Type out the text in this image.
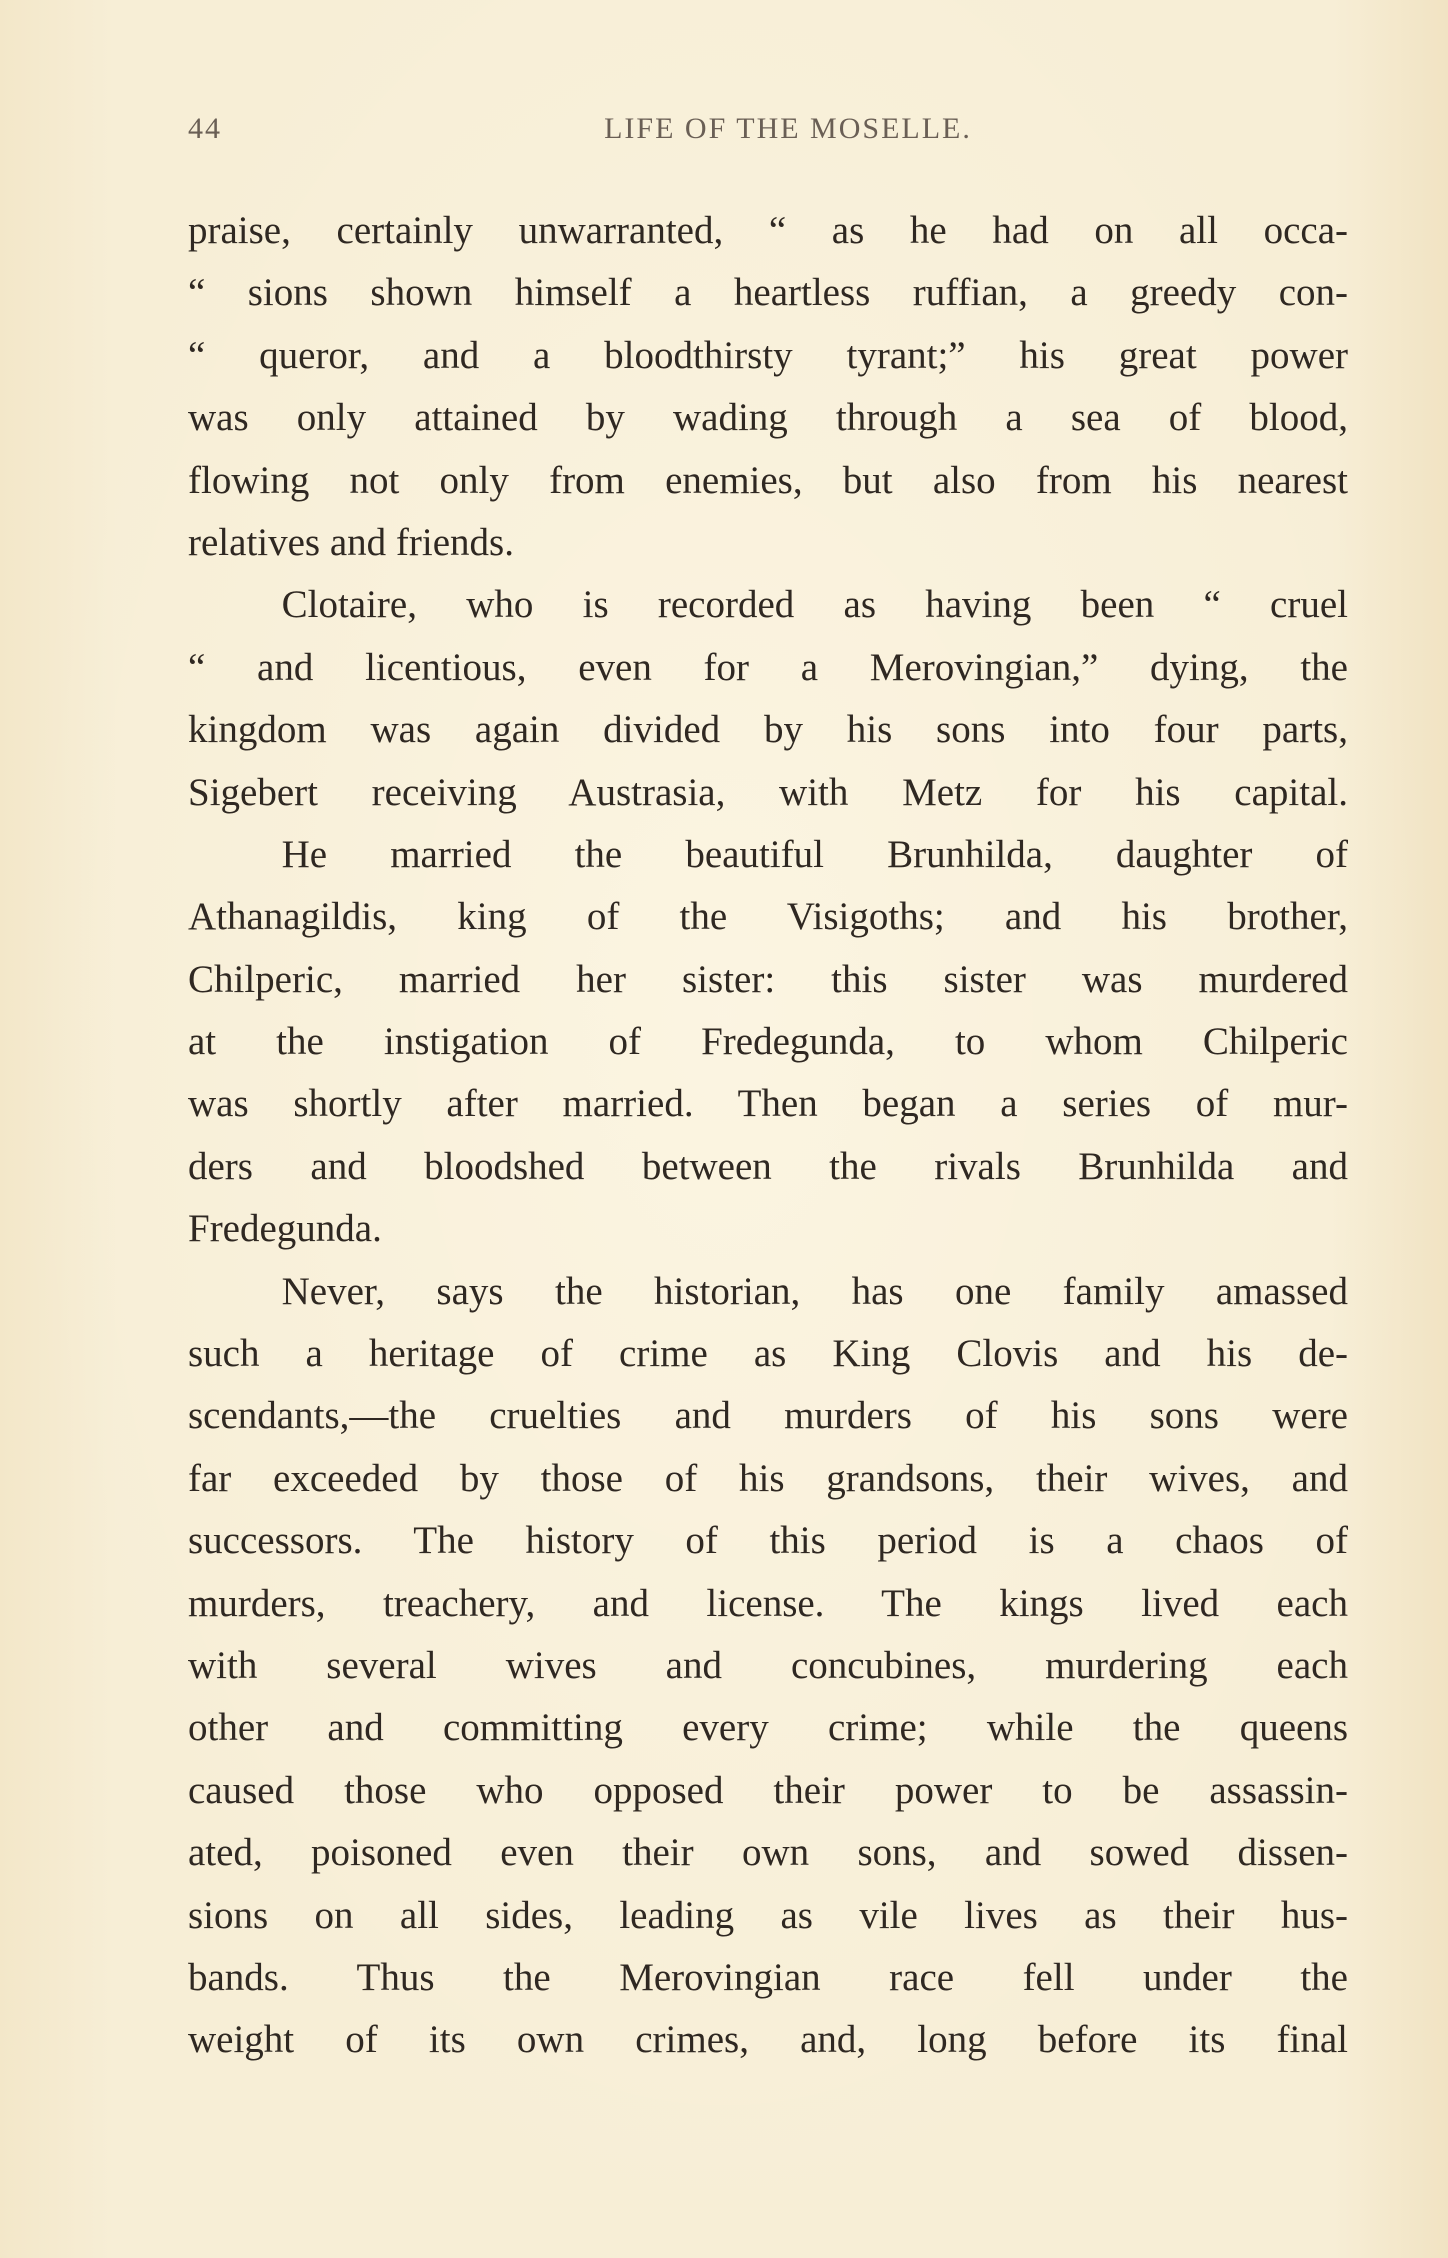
44	LIFE OF THE MOSELLE.
praise, certainly unwarranted, “ as he had on all occa-
“ sions shown himself a heartless ruffian, a greedy con-
“ queror, and a bloodthirsty tyrant;” his great power
was only attained by wading through a sea of blood,
flowing not only from enemies, but also from his nearest
relatives and friends.
Clotaire, who is recorded as having been “ cruel
“ and licentious, even for a Merovingian,” dying, the
kingdom was again divided by his sons into four parts,
Sigebert receiving Austrasia, with Metz for his capital.
He married the beautiful Brunhilda, daughter of
Athanagildis, king of the Visigoths; and his brother,
Chilperic, married her sister: this sister was murdered
at the instigation of Fredegunda, to whom Chilperic
was shortly after married. Then began a series of mur-
ders and bloodshed between the rivals Brunhilda and
Fredegunda.
Never, says the historian, has one family amassed
such a heritage of crime as King Clovis and his de-
scendants,—the cruelties and murders of his sons were
far exceeded by those of his grandsons, their wives, and
successors. The history of this period is a chaos of
murders, treachery, and license. The kings lived each
with several wives and concubines, murdering each
other and committing every crime; while the queens
caused those who opposed their power to be assassin-
ated, poisoned even their own sons, and sowed dissen-
sions on all sides, leading as vile lives as their hus-
bands. Thus the Merovingian race fell under the
weight of its own crimes, and, long before its final
